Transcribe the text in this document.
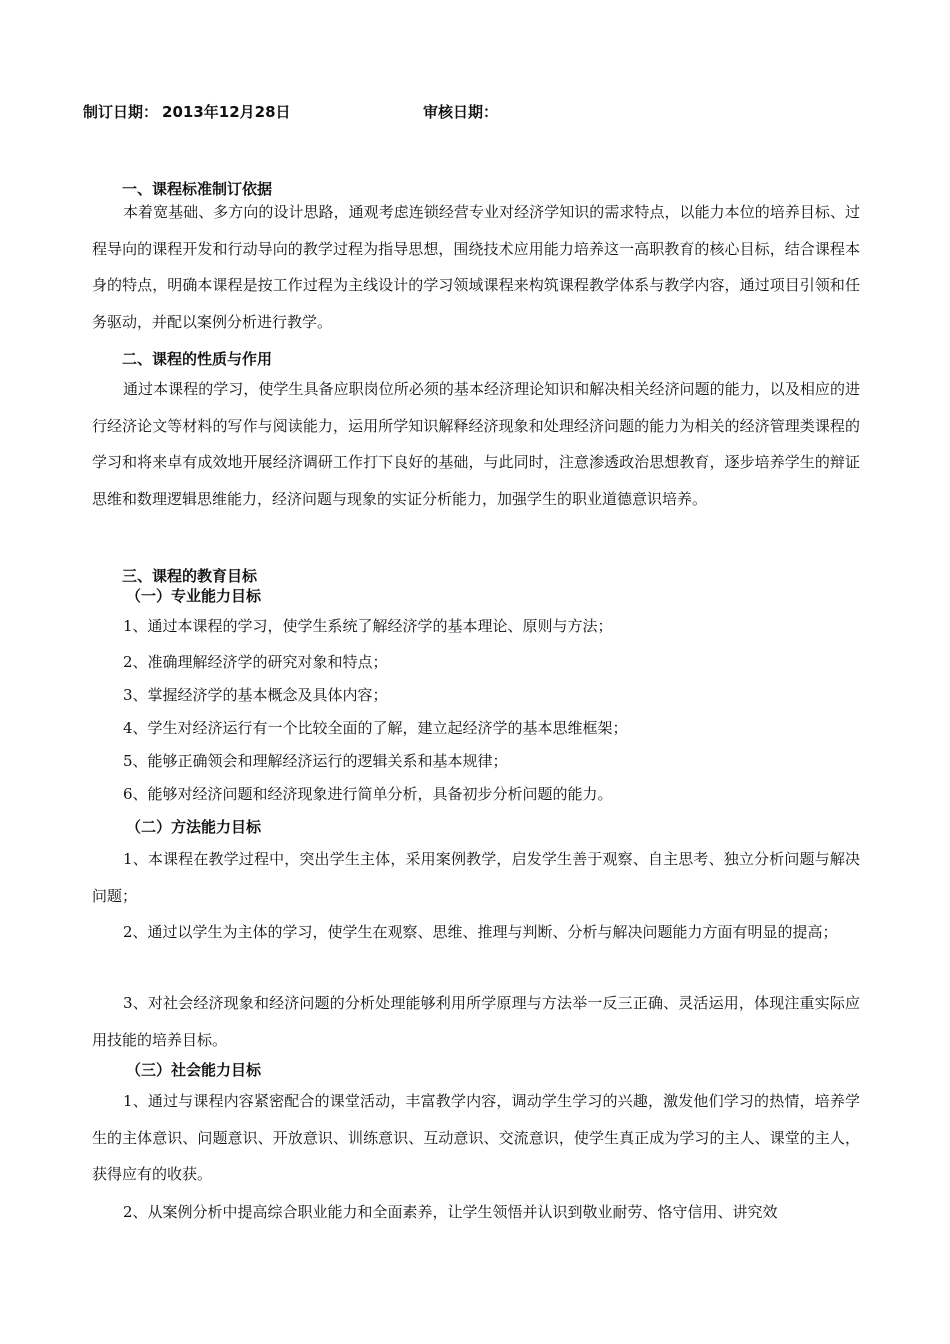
制订日期： 2013年12月28日	审核日期：
一、课程标准制订依据
本着宽基础、多方向的设计思路，通观考虑连锁经营专业对经济学知识的需求特点，以能力本位的培养目标、过程导向的课程开发和行动导向的教学过程为指导思想，围绕技术应用能力培养这一高职教育的核心目标，结合课程本身的特点，明确本课程是按工作过程为主线设计的学习领域课程来构筑课程教学体系与教学内容，通过项目引领和任务驱动，并配以案例分析进行教学。
二、课程的性质与作用
通过本课程的学习，使学生具备应职岗位所必须的基本经济理论知识和解决相关经济问题的能力，以及相应的进行经济论文等材料的写作与阅读能力，运用所学知识解释经济现象和处理经济问题的能力为相关的经济管理类课程的学习和将来卓有成效地开展经济调研工作打下良好的基础，与此同时，注意渗透政治思想教育，逐步培养学生的辩证思维和数理逻辑思维能力，经济问题与现象的实证分析能力，加强学生的职业道德意识培养。
三、课程的教育目标
（一）专业能力目标
1、通过本课程的学习，使学生系统了解经济学的基本理论、原则与方法；
2、准确理解经济学的研究对象和特点；
3、掌握经济学的基本概念及具体内容；
4、学生对经济运行有一个比较全面的了解，建立起经济学的基本思维框架；
5、能够正确领会和理解经济运行的逻辑关系和基本规律；
6、能够对经济问题和经济现象进行简单分析，具备初步分析问题的能力。
（二）方法能力目标
1、本课程在教学过程中，突出学生主体，采用案例教学，启发学生善于观察、自主思考、独立分析问题与解决问题；
2、通过以学生为主体的学习，使学生在观察、思维、推理与判断、分析与解决问题能力方面有明显的提高；
3、对社会经济现象和经济问题的分析处理能够利用所学原理与方法举一反三正确、灵活运用，体现注重实际应用技能的培养目标。
（三）社会能力目标
1、通过与课程内容紧密配合的课堂活动，丰富教学内容，调动学生学习的兴趣，激发他们学习的热情，培养学生的主体意识、问题意识、开放意识、训练意识、互动意识、交流意识，使学生真正成为学习的主人、课堂的主人，获得应有的收获。
2、从案例分析中提高综合职业能力和全面素养，让学生领悟并认识到敬业耐劳、恪守信用、讲究效
